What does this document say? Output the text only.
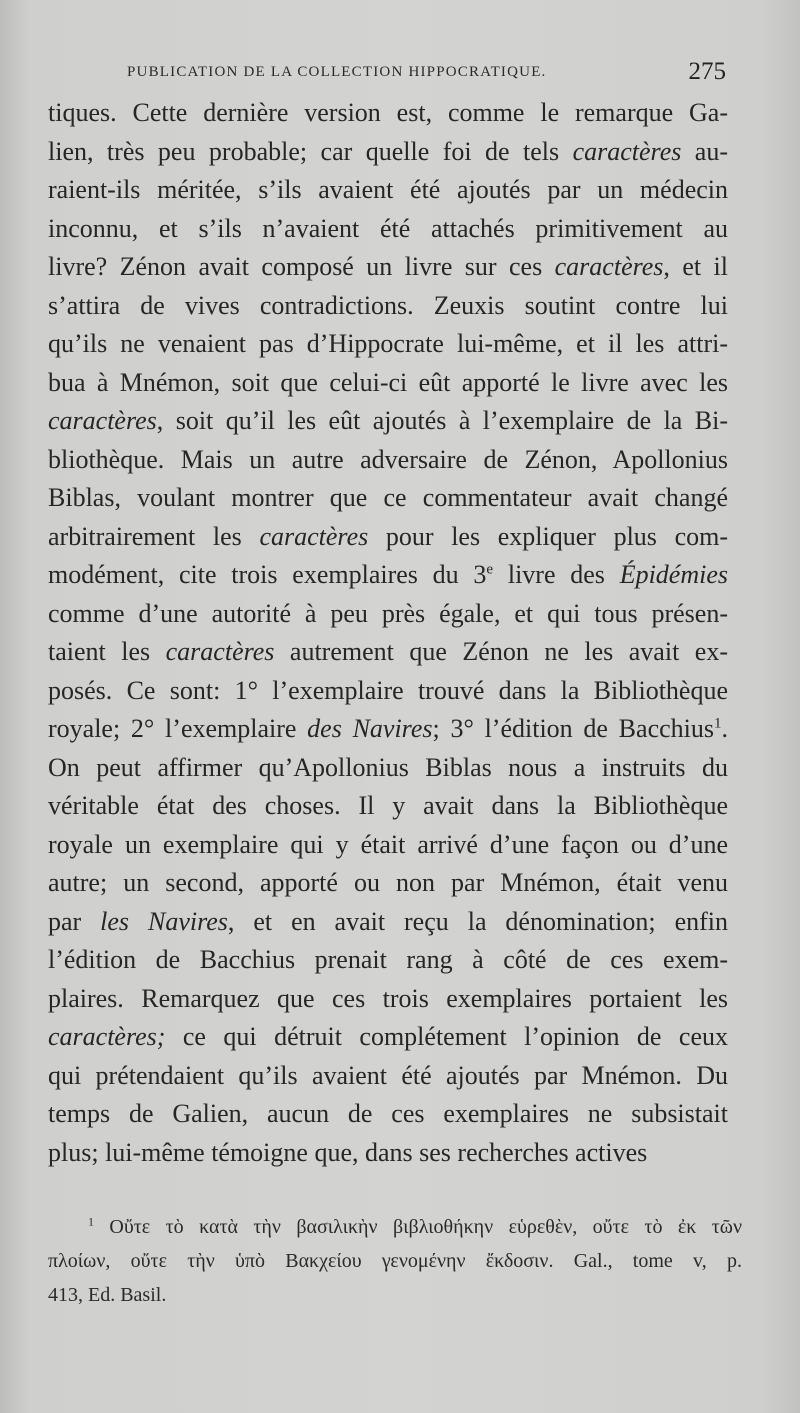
PUBLICATION DE LA COLLECTION HIPPOCRATIQUE.	275
tiques. Cette dernière version est, comme le remarque Ga-
lien, très peu probable; car quelle foi de tels caractères au-
raient-ils méritée, s’ils avaient été ajoutés par un médecin
inconnu, et s’ils n’avaient été attachés primitivement au
livre? Zénon avait composé un livre sur ces caractères, et il
s’attira de vives contradictions. Zeuxis soutint contre lui
qu’ils ne venaient pas d’Hippocrate lui-même, et il les attri-
bua à Mnémon, soit que celui-ci eût apporté le livre avec les
caractères, soit qu’il les eût ajoutés à l’exemplaire de la Bi-
bliothèque. Mais un autre adversaire de Zénon, Apollonius
Biblas, voulant montrer que ce commentateur avait changé
arbitrairement les caractères pour les expliquer plus com-
modément, cite trois exemplaires du 3e livre des Épidémies
comme d’une autorité à peu près égale, et qui tous présen-
taient les caractères autrement que Zénon ne les avait ex-
posés. Ce sont: 1° l’exemplaire trouvé dans la Bibliothèque
royale; 2° l’exemplaire des Navires; 3° l’édition de Bacchius$^1$.
On peut affirmer qu’Apollonius Biblas nous a instruits du
véritable état des choses. Il y avait dans la Bibliothèque
royale un exemplaire qui y était arrivé d’une façon ou d’une
autre; un second, apporté ou non par Mnémon, était venu
par les Navires, et en avait reçu la dénomination; enfin
l’édition de Bacchius prenait rang à côté de ces exem-
plaires. Remarquez que ces trois exemplaires portaient les
caractères; ce qui détruit complétement l’opinion de ceux
qui prétendaient qu’ils avaient été ajoutés par Mnémon. Du
temps de Galien, aucun de ces exemplaires ne subsistait
plus; lui-même témoigne que, dans ses recherches actives
$^1$ Οὔτε τὸ κατὰ τὴν βασιλικὴν βιβλιοθήκην εὑρεθὲν, οὔτε τὸ ἐκ τῶν
πλοίων, οὔτε τὴν ὑπὸ Βακχείου γενομένην ἔκδοσιν. Gal., tome v, p.
413, Ed. Basil.
